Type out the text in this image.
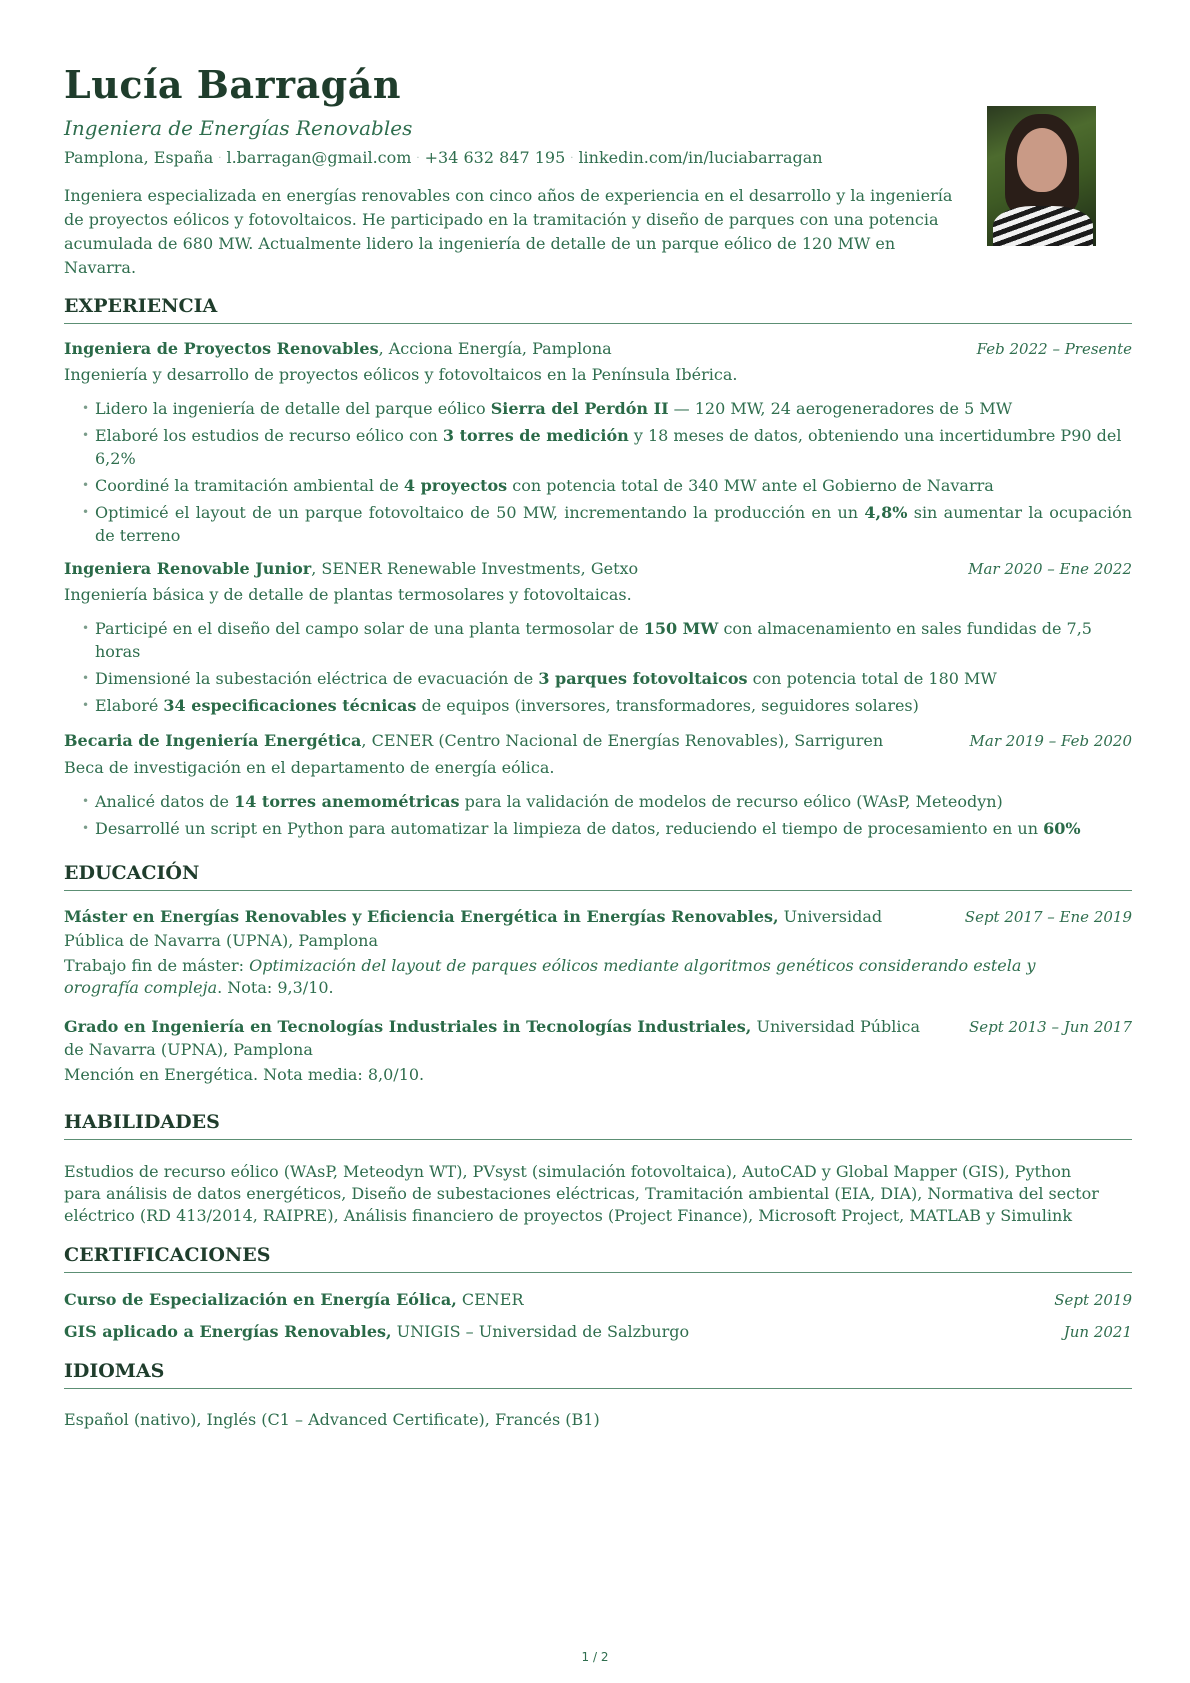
Lucía Barragán
Ingeniera de Energías Renovables
Pamplona, España · l.barragan@gmail.com · +34 632 847 195 · linkedin.com/in/luciabarragan
Ingeniera especializada en energías renovables con cinco años de experiencia en el desarrollo y la ingeniería de proyectos eólicos y fotovoltaicos. He participado en la tramitación y diseño de parques con una potencia acumulada de 680 MW. Actualmente lidero la ingeniería de detalle de un parque eólico de 120 MW en Navarra.
EXPERIENCIA
Ingeniera de Proyectos Renovables, Acciona Energía, Pamplona	Feb 2022 – Presente
Ingeniería y desarrollo de proyectos eólicos y fotovoltaicos en la Península Ibérica.
• Lidero la ingeniería de detalle del parque eólico Sierra del Perdón II — 120 MW, 24 aerogeneradores de 5 MW
• Elaboré los estudios de recurso eólico con 3 torres de medición y 18 meses de datos, obteniendo una incertidumbre P90 del 6,2%
• Coordiné la tramitación ambiental de 4 proyectos con potencia total de 340 MW ante el Gobierno de Navarra
• Optimicé el layout de un parque fotovoltaico de 50 MW, incrementando la producción en un 4,8% sin aumentar la ocupación de terreno
Ingeniera Renovable Junior, SENER Renewable Investments, Getxo	Mar 2020 – Ene 2022
Ingeniería básica y de detalle de plantas termosolares y fotovoltaicas.
• Participé en el diseño del campo solar de una planta termosolar de 150 MW con almacenamiento en sales fundidas de 7,5 horas
• Dimensioné la subestación eléctrica de evacuación de 3 parques fotovoltaicos con potencia total de 180 MW
• Elaboré 34 especificaciones técnicas de equipos (inversores, transformadores, seguidores solares)
Becaria de Ingeniería Energética, CENER (Centro Nacional de Energías Renovables), Sarriguren	Mar 2019 – Feb 2020
Beca de investigación en el departamento de energía eólica.
• Analicé datos de 14 torres anemométricas para la validación de modelos de recurso eólico (WAsP, Meteodyn)
• Desarrollé un script en Python para automatizar la limpieza de datos, reduciendo el tiempo de procesamiento en un 60%
EDUCACIÓN
Máster en Energías Renovables y Eficiencia Energética in Energías Renovables, Universidad	Sept 2017 – Ene 2019
Pública de Navarra (UPNA), Pamplona
Trabajo fin de máster: Optimización del layout de parques eólicos mediante algoritmos genéticos considerando estela y
orografía compleja. Nota: 9,3/10.
Grado en Ingeniería en Tecnologías Industriales in Tecnologías Industriales, Universidad Pública	Sept 2013 – Jun 2017
de Navarra (UPNA), Pamplona
Mención en Energética. Nota media: 8,0/10.
HABILIDADES
Estudios de recurso eólico (WAsP, Meteodyn WT), PVsyst (simulación fotovoltaica), AutoCAD y Global Mapper (GIS), Python
para análisis de datos energéticos, Diseño de subestaciones eléctricas, Tramitación ambiental (EIA, DIA), Normativa del sector
eléctrico (RD 413/2014, RAIPRE), Análisis financiero de proyectos (Project Finance), Microsoft Project, MATLAB y Simulink
CERTIFICACIONES
Curso de Especialización en Energía Eólica, CENER	Sept 2019
GIS aplicado a Energías Renovables, UNIGIS – Universidad de Salzburgo	Jun 2021
IDIOMAS
Español (nativo), Inglés (C1 – Advanced Certificate), Francés (B1)
1 / 2
